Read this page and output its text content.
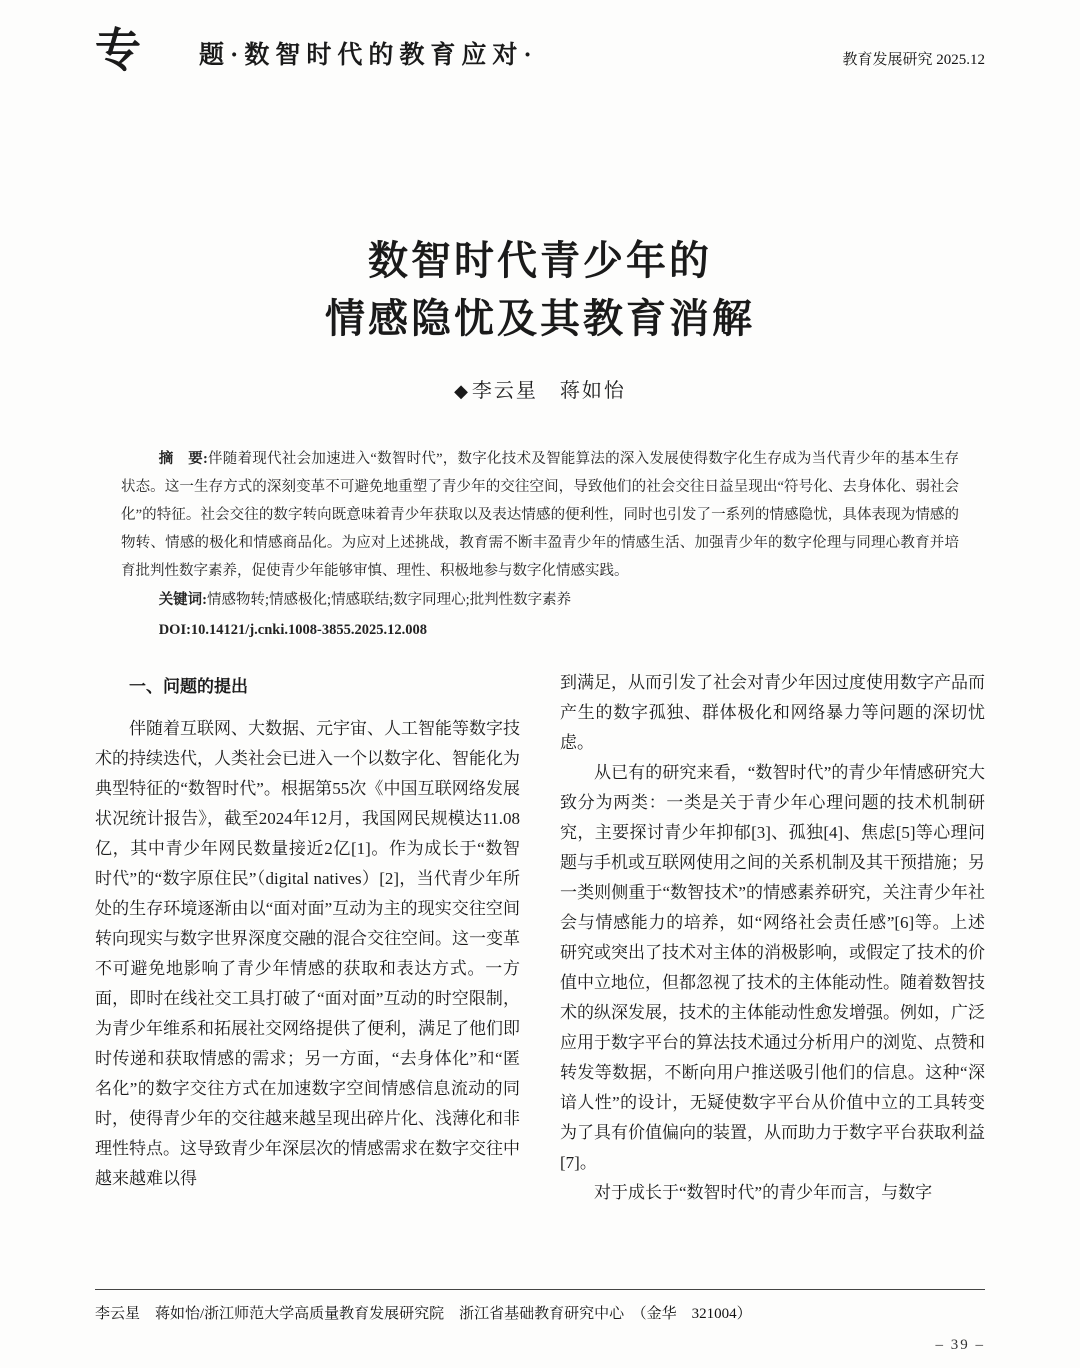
专 题·数智时代的教育应对·	教育发展研究 2025.12
数智时代青少年的
情感隐忧及其教育消解
◆ 李云星　蒋如怡

摘　要:伴随着现代社会加速进入“数智时代”，数字化技术及智能算法的深入发展使得数字化生存成为当代青少年的基本生存状态。这一生存方式的深刻变革不可避免地重塑了青少年的交往空间，导致他们的社会交往日益呈现出“符号化、去身体化、弱社会化”的特征。社会交往的数字转向既意味着青少年获取以及表达情感的便利性，同时也引发了一系列的情感隐忧，具体表现为情感的物转、情感的极化和情感商品化。为应对上述挑战，教育需不断丰盈青少年的情感生活、加强青少年的数字伦理与同理心教育并培育批判性数字素养，促使青少年能够审慎、理性、积极地参与数字化情感实践。

关键词:情感物转;情感极化;情感联结;数字同理心;批判性数字素养

DOI:10.14121/j.cnki.1008-3855.2025.12.008

一、问题的提出

伴随着互联网、大数据、元宇宙、人工智能等数字技术的持续迭代，人类社会已进入一个以数字化、智能化为典型特征的“数智时代”。根据第55次《中国互联网络发展状况统计报告》，截至2024年12月，我国网民规模达11.08亿，其中青少年网民数量接近2亿[1]。作为成长于“数智时代”的“数字原住民”（digital natives）[2]，当代青少年所处的生存环境逐渐由以“面对面”互动为主的现实交往空间转向现实与数字世界深度交融的混合交往空间。这一变革不可避免地影响了青少年情感的获取和表达方式。一方面，即时在线社交工具打破了“面对面”互动的时空限制，为青少年维系和拓展社交网络提供了便利，满足了他们即时传递和获取情感的需求；另一方面，“去身体化”和“匿名化”的数字交往方式在加速数字空间情感信息流动的同时，使得青少年的交往越来越呈现出碎片化、浅薄化和非理性特点。这导致青少年深层次的情感需求在数字交往中越来越难以得

到满足，从而引发了社会对青少年因过度使用数字产品而产生的数字孤独、群体极化和网络暴力等问题的深切忧虑。

从已有的研究来看，“数智时代”的青少年情感研究大致分为两类：一类是关于青少年心理问题的技术机制研究，主要探讨青少年抑郁[3]、孤独[4]、焦虑[5]等心理问题与手机或互联网使用之间的关系机制及其干预措施；另一类则侧重于“数智技术”的情感素养研究，关注青少年社会与情感能力的培养，如“网络社会责任感”[6]等。上述研究或突出了技术对主体的消极影响，或假定了技术的价值中立地位，但都忽视了技术的主体能动性。随着数智技术的纵深发展，技术的主体能动性愈发增强。例如，广泛应用于数字平台的算法技术通过分析用户的浏览、点赞和转发等数据，不断向用户推送吸引他们的信息。这种“深谙人性”的设计，无疑使数字平台从价值中立的工具转变为了具有价值偏向的装置，从而助力于数字平台获取利益[7]。

对于成长于“数智时代”的青少年而言，与数字

李云星　蒋如怡/浙江师范大学高质量教育发展研究院　浙江省基础教育研究中心　（金华　321004）
– 39 –
